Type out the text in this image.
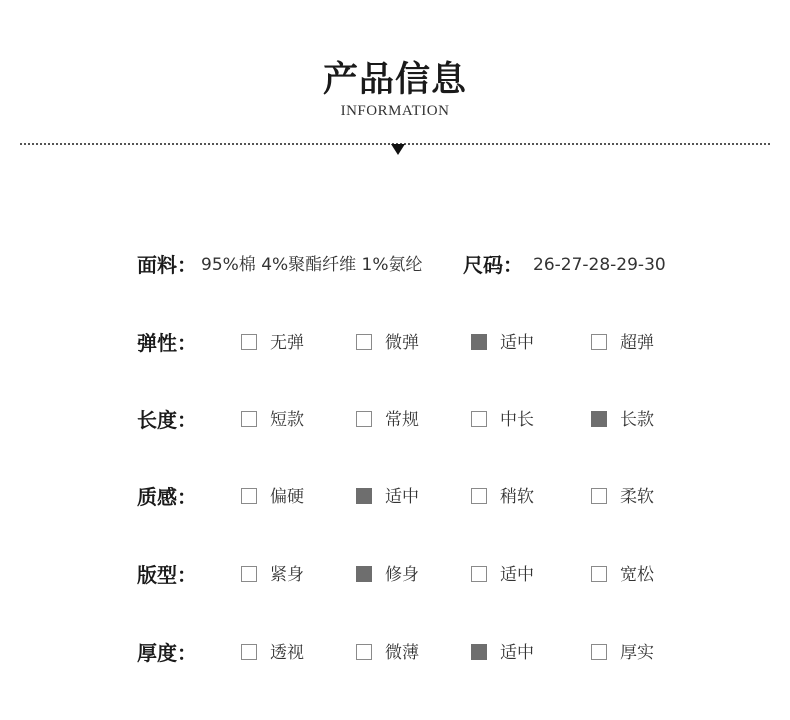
产品信息
INFORMATION
面料： 95%棉 4%聚酯纤维 1%氨纶 尺码： 26-27-28-29-30
弹性：	无弹	微弹	适中	超弹
长度：	短款	常规	中长	长款
质感：	偏硬	适中	稍软	柔软
版型：	紧身	修身	适中	宽松
厚度：	透视	微薄	适中	厚实
